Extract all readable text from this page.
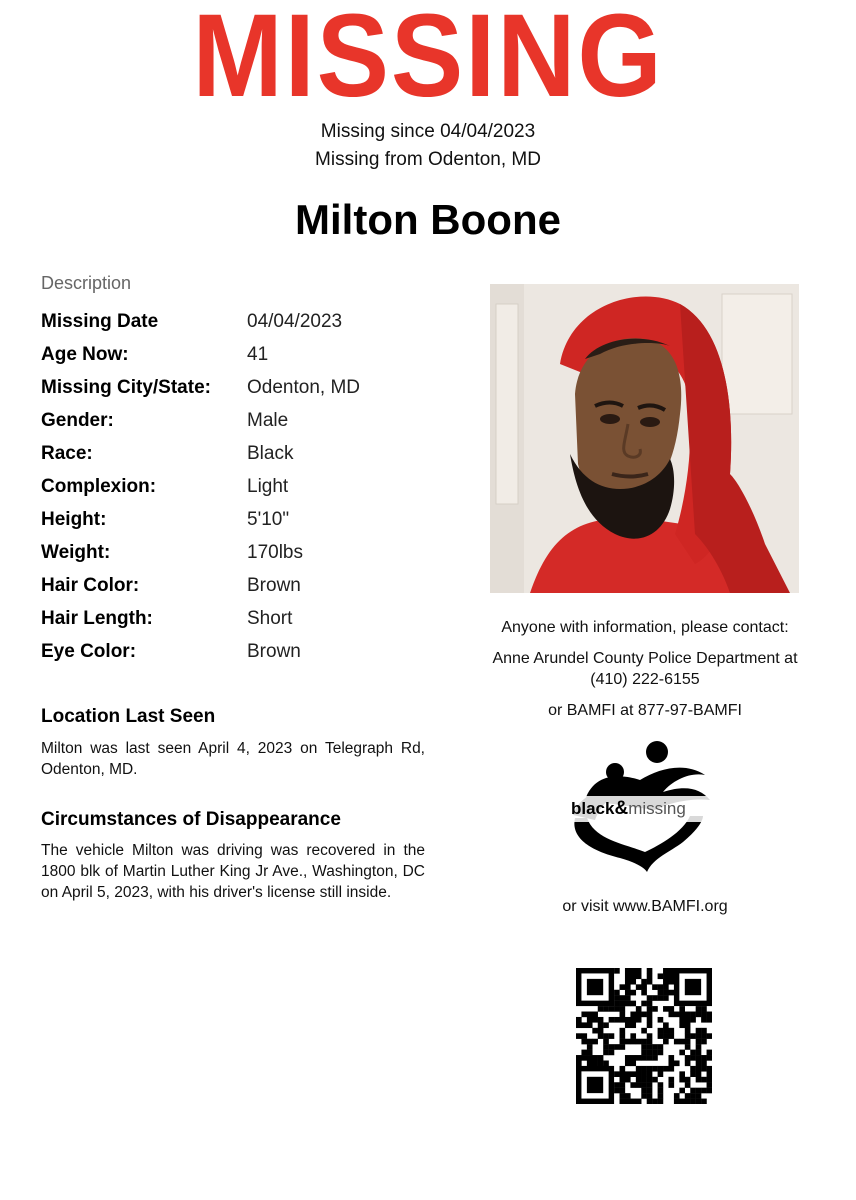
MISSING
Missing since 04/04/2023
Missing from Odenton, MD
Milton Boone
Description
Missing Date	04/04/2023
Age Now:	41
Missing City/State: Odenton, MD
Gender:	Male
Race:	Black
Complexion:	Light
Height:	5'10"
Weight:	170lbs
Hair Color:	Brown
Hair Length:	Short
Eye Color:	Brown
Location Last Seen
Milton was last seen April 4, 2023 on Telegraph Rd, Odenton, MD.
Circumstances of Disappearance
The vehicle Milton was driving was recovered in the 1800 blk of Martin Luther King Jr Ave., Washington, DC on April 5, 2023, with his driver's license still inside.
Anyone with information, please contact:
Anne Arundel County Police Department at
(410) 222-6155
or BAMFI at 877-97-BAMFI
black&missing
or visit www.BAMFI.org
